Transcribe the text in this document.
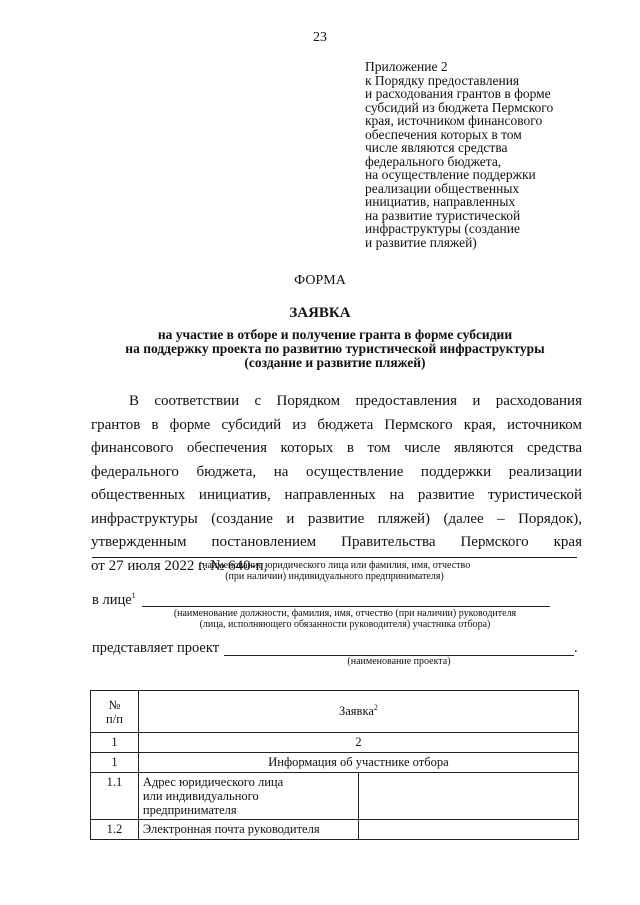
23
Приложение 2
к Порядку предоставления
и расходования грантов в форме
субсидий из бюджета Пермского
края, источником финансового
обеспечения которых в том
числе являются средства
федерального бюджета,
на осуществление поддержки
реализации общественных
инициатив, направленных
на развитие туристической
инфраструктуры (создание
и развитие пляжей)
ФОРМА
ЗАЯВКА
на участие в отборе и получение гранта в форме субсидии
на поддержку проекта по развитию туристической инфраструктуры
(создание и развитие пляжей)
В соответствии с Порядком предоставления и расходования
грантов в форме субсидий из бюджета Пермского края, источником
финансового обеспечения которых в том числе являются средства
федерального бюджета, на осуществление поддержки реализации
общественных инициатив, направленных на развитие туристической
инфраструктуры (создание и развитие пляжей) (далее – Порядок),
утвержденным постановлением Правительства Пермского края
от 27 июля 2022 г. № 640-п,
(наименование юридического лица или фамилия, имя, отчество
(при наличии) индивидуального предпринимателя)
в лице$^1$
(наименование должности, фамилия, имя, отчество (при наличии) руководителя
(лица, исполняющего обязанности руководителя) участника отбора)
представляет проект	.
(наименование проекта)
№
п/п	Заявка$^2$
1	2	
1	Информация об участнике отбора	
1.1	Адрес юридического лица
или индивидуального
предпринимателя	
1.2	Электронная почта руководителя	
